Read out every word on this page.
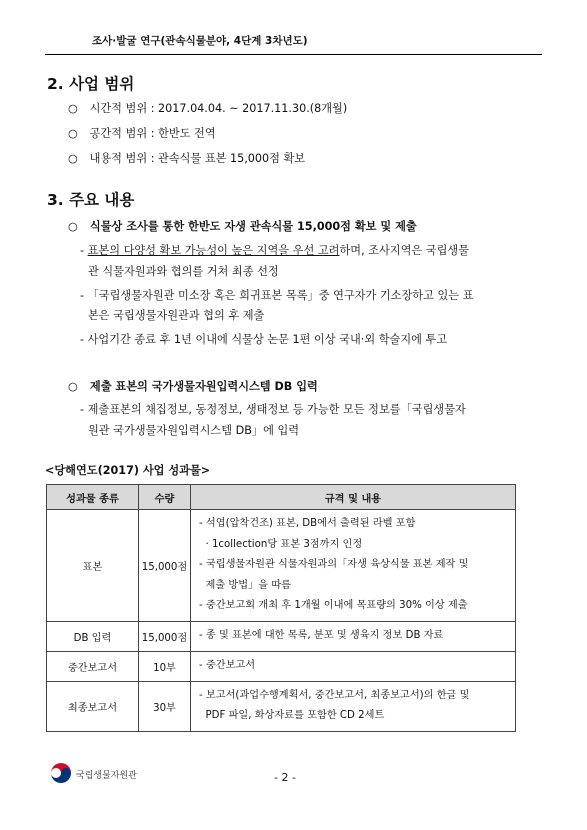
조사·발굴 연구(관속식물분야, 4단계 3차년도)
2. 사업 범위
○ 시간적 범위 : 2017.04.04. ~ 2017.11.30.(8개월)
○ 공간적 범위 : 한반도 전역
○ 내용적 범위 : 관속식물 표본 15,000점 확보
3. 주요 내용
○ 식물상 조사를 통한 한반도 자생 관속식물 15,000점 확보 및 제출
- 표본의 다양성 확보 가능성이 높은 지역을 우선 고려하며, 조사지역은 국립생물
관 식물자원과와 협의를 거쳐 최종 선정
- 「국립생물자원관 미소장 혹은 희귀표본 목록」중 연구자가 기소장하고 있는 표
본은 국립생물자원관과 협의 후 제출
- 사업기간 종료 후 1년 이내에 식물상 논문 1편 이상 국내·외 학술지에 투고
○ 제출 표본의 국가생물자원입력시스템 DB 입력
- 제출표본의 채집정보, 동정정보, 생태정보 등 가능한 모든 정보를「국립생물자
원관 국가생물자원입력시스템 DB」에 입력
<당해연도(2017) 사업 성과물>
성과물 종류	수량	규격 및 내용
표본	15,000점	- 석엽(압착건조) 표본, DB에서 출력된 라벨 포함
· 1collection당 표본 3점까지 인정
- 국립생물자원관 식물자원과의「자생 육상식물 표본 제작 및
제출 방법」을 따름
- 중간보고회 개최 후 1개월 이내에 목표량의 30% 이상 제출

DB 입력	15,000점	- 종 및 표본에 대한 목록, 분포 및 생육지 정보 DB 자료

중간보고서	10부	- 중간보고서

최종보고서	30부	- 보고서(과업수행계획서, 중간보고서, 최종보고서)의 한글 및
PDF 파일, 화상자료를 포함한 CD 2세트
국립생물자원관	- 2 -
